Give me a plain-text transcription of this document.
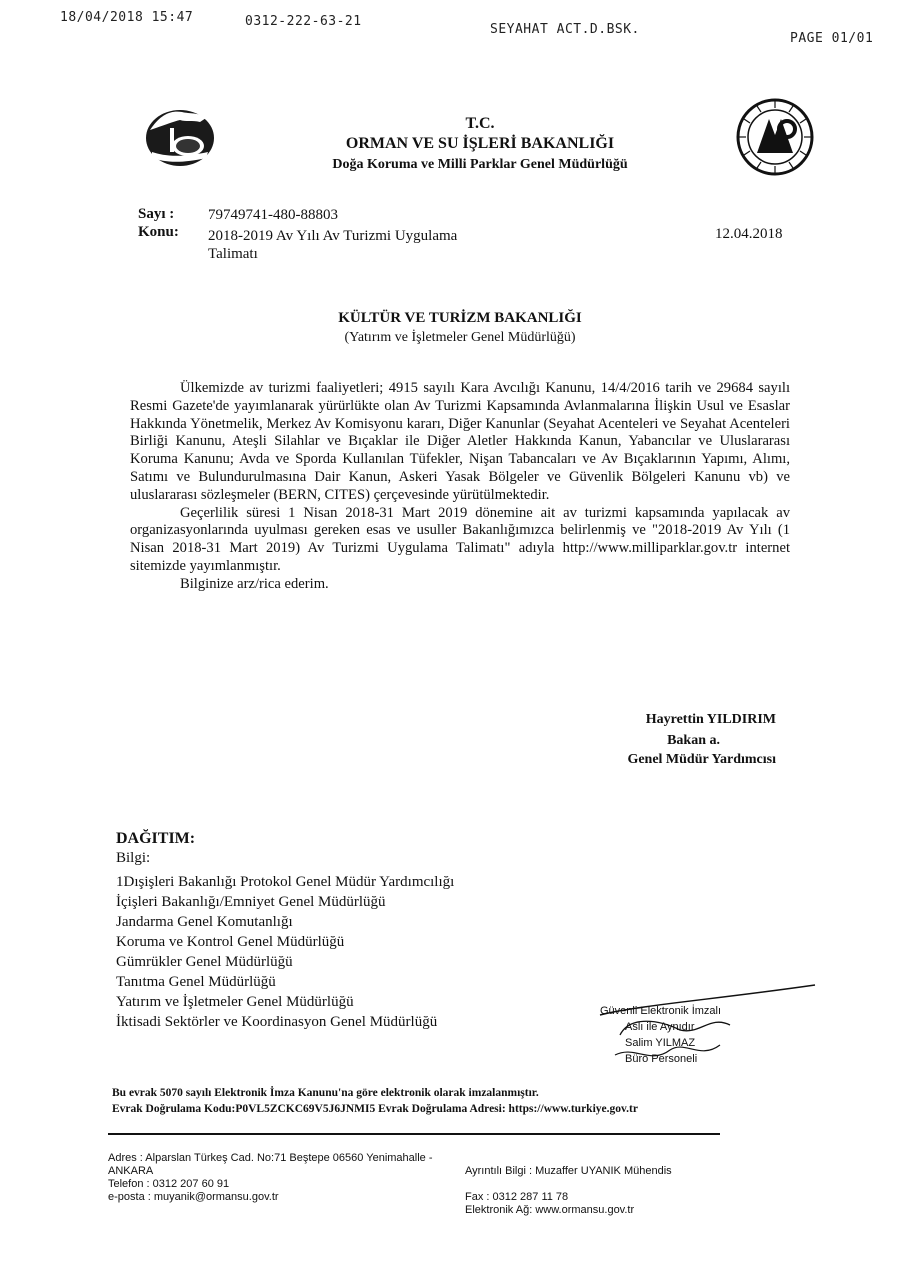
18/04/2018 15:47	0312-222-63-21
SEYAHAT ACT.D.BSK.
PAGE 01/01
T.C.
ORMAN VE SU İŞLERİ BAKANLIĞI
Doğa Koruma ve Milli Parklar Genel Müdürlüğü
Sayı : 79749741-480-88803
Konu: 2018-2019 Av Yılı Av Turizmi Uygulama
Talimatı
12.04.2018
KÜLTÜR VE TURİZM BAKANLIĞI
(Yatırım ve İşletmeler Genel Müdürlüğü)

Ülkemizde av turizmi faaliyetleri; 4915 sayılı Kara Avcılığı Kanunu, 14/4/2016 tarih ve 29684 sayılı Resmi Gazete'de yayımlanarak yürürlükte olan Av Turizmi Kapsamında Avlanmalarına İlişkin Usul ve Esaslar Hakkında Yönetmelik, Merkez Av Komisyonu kararı, Diğer Kanunlar (Seyahat Acenteleri ve Seyahat Acenteleri Birliği Kanunu, Ateşli Silahlar ve Bıçaklar ile Diğer Aletler Hakkında Kanun, Yabancılar ve Uluslararası Koruma Kanunu; Avda ve Sporda Kullanılan Tüfekler, Nişan Tabancaları ve Av Bıçaklarının Yapımı, Alımı, Satımı ve Bulundurulmasına Dair Kanun, Askeri Yasak Bölgeler ve Güvenlik Bölgeleri Kanunu vb) ve uluslararası sözleşmeler (BERN, CITES) çerçevesinde yürütülmektedir.

Geçerlilik süresi 1 Nisan 2018-31 Mart 2019 dönemine ait av turizmi kapsamında yapılacak av organizasyonlarında uyulması gereken esas ve usuller Bakanlığımızca belirlenmiş ve "2018-2019 Av Yılı (1 Nisan 2018-31 Mart 2019) Av Turizmi Uygulama Talimatı" adıyla http://www.milliparklar.gov.tr internet sitemizde yayımlanmıştır.

Bilginize arz/rica ederim.

Hayrettin YILDIRIM
Bakan a.
Genel Müdür Yardımcısı
DAĞITIM:
Bilgi:
1Dışişleri Bakanlığı Protokol Genel Müdür Yardımcılığı
İçişleri Bakanlığı/Emniyet Genel Müdürlüğü
Jandarma Genel Komutanlığı
Koruma ve Kontrol Genel Müdürlüğü
Gümrükler Genel Müdürlüğü
Tanıtma Genel Müdürlüğü
Yatırım ve İşletmeler Genel Müdürlüğü
İktisadi Sektörler ve Koordinasyon Genel Müdürlüğü
Güvenli Elektronik İmzalı
Aslı ile Aynıdır
Salim YILMAZ
Büro Personeli
Bu evrak 5070 sayılı Elektronik İmza Kanunu'na göre elektronik olarak imzalanmıştır.
Evrak Doğrulama Kodu:P0VL5ZCKC69V5J6JNMI5 Evrak Doğrulama Adresi: https://www.turkiye.gov.tr
Adres : Alparslan Türkeş Cad. No:71 Beştepe 06560 Yenimahalle -
ANKARA
Telefon : 0312 207 60 91
e-posta : muyanik@ormansu.gov.tr
Ayrıntılı Bilgi : Muzaffer UYANIK Mühendis
Fax : 0312 287 11 78
Elektronik Ağ: www.ormansu.gov.tr
